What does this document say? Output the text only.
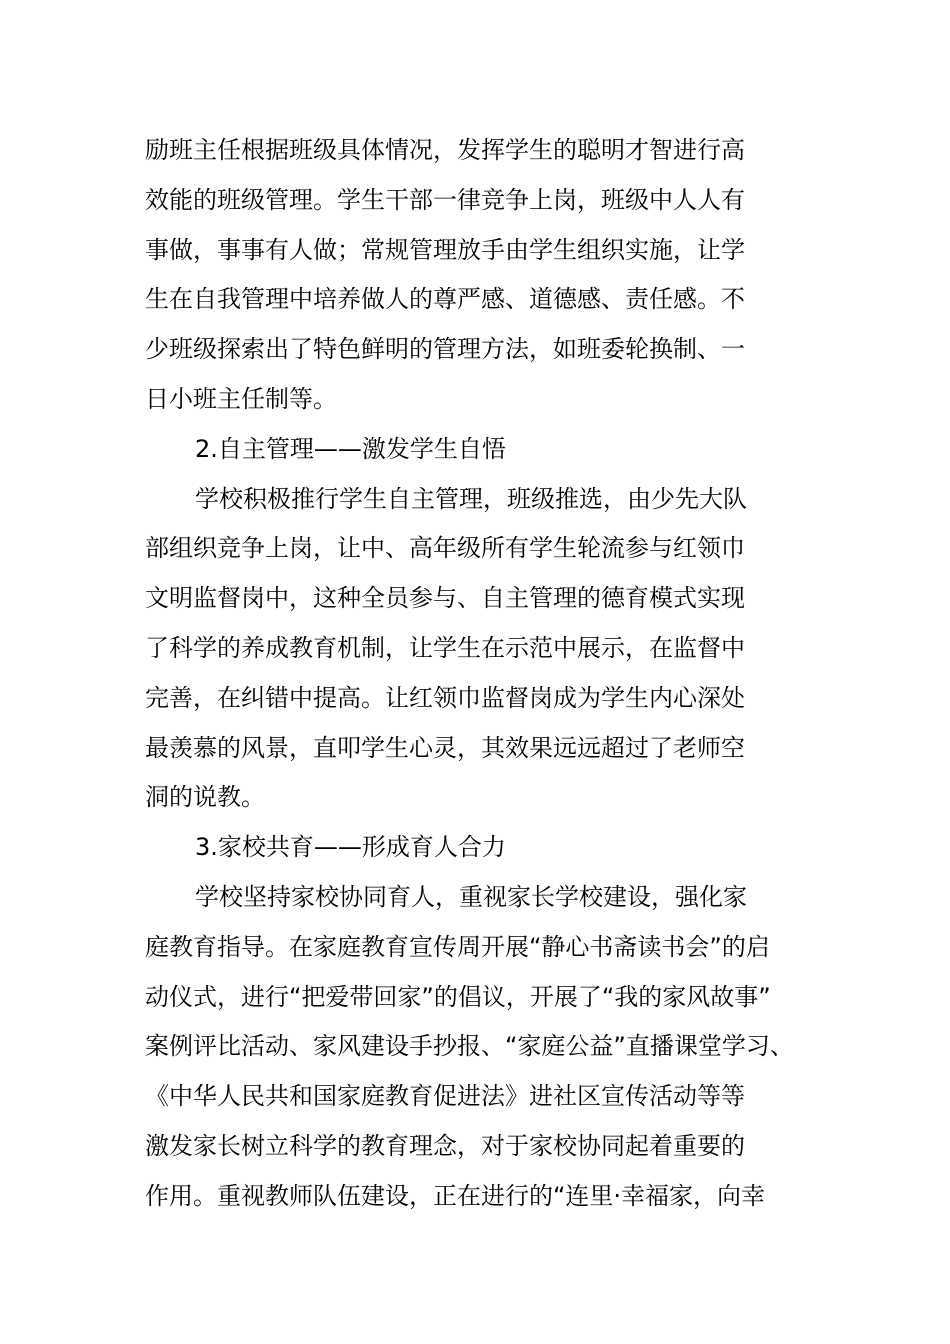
励班主任根据班级具体情况，发挥学生的聪明才智进行高
效能的班级管理。学生干部一律竞争上岗，班级中人人有
事做，事事有人做；常规管理放手由学生组织实施，让学
生在自我管理中培养做人的尊严感、道德感、责任感。不
少班级探索出了特色鲜明的管理方法，如班委轮换制、一
日小班主任制等。
2.自主管理——激发学生自悟
学校积极推行学生自主管理，班级推选，由少先大队
部组织竞争上岗，让中、高年级所有学生轮流参与红领巾
文明监督岗中，这种全员参与、自主管理的德育模式实现
了科学的养成教育机制，让学生在示范中展示，在监督中
完善，在纠错中提高。让红领巾监督岗成为学生内心深处
最羡慕的风景，直叩学生心灵，其效果远远超过了老师空
洞的说教。
3.家校共育——形成育人合力
学校坚持家校协同育人，重视家长学校建设，强化家
庭教育指导。在家庭教育宣传周开展“静心书斋读书会”的启
动仪式，进行“把爱带回家”的倡议，开展了“我的家风故事”
案例评比活动、家风建设手抄报、“家庭公益”直播课堂学习、
《中华人民共和国家庭教育促进法》进社区宣传活动等等
激发家长树立科学的教育理念，对于家校协同起着重要的
作用。重视教师队伍建设，正在进行的“连里·幸福家，向幸
